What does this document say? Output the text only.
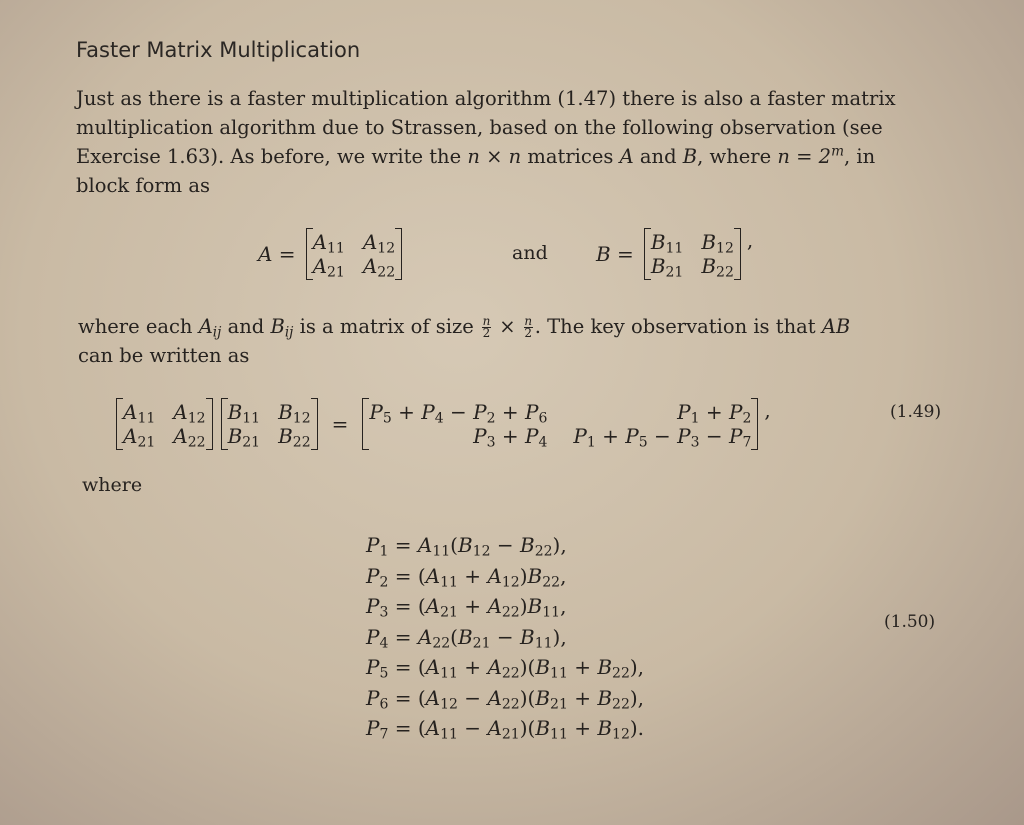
Faster Matrix Multiplication
Just as there is a faster multiplication algorithm (1.47) there is also a faster matrix
multiplication algorithm due to Strassen, based on the following observation (see
Exercise 1.63). As before, we write the n × n matrices A and B, where $n = 2^m$, in
block form as
$A = A_{11}$ $A_{12}$
$A_{21}$ $A_{22}$
and $B = B_{11}$ $B_{12}$
$B_{21}$ $B_{22}$
,
where each $A_{ij}$ and $B_{ij}$ is a matrix of size $\frac{n}{2} \times \frac{n}{2}$ . The key observation is that AB
can be written as
$A_{11}$ $A_{12}$
$A_{21}$ $A_{22}$
$B_{11}$ $B_{12}$
$B_{21}$ $B_{22}$
= $P_5 + P_4 - P_2 + P_6$	$P_1 + P_2$
$P_3 + P_4$ $P_1 + P_5 - P_3 - P_7$
,	(1.49)
where
$P_1 = A_{11}(B_{12} - B_{22})$,
$P_2 = (A_{11} + A_{12})B_{22}$,
$P_3 = (A_{21} + A_{22})B_{11}$,
$P_4 = A_{22}(B_{21} - B_{11})$,
$P_5 = (A_{11} + A_{22})(B_{11} + B_{22})$,
$P_6 = (A_{12} - A_{22})(B_{21} + B_{22})$,
$P_7 = (A_{11} - A_{21})(B_{11} + B_{12})$.
(1.50)
